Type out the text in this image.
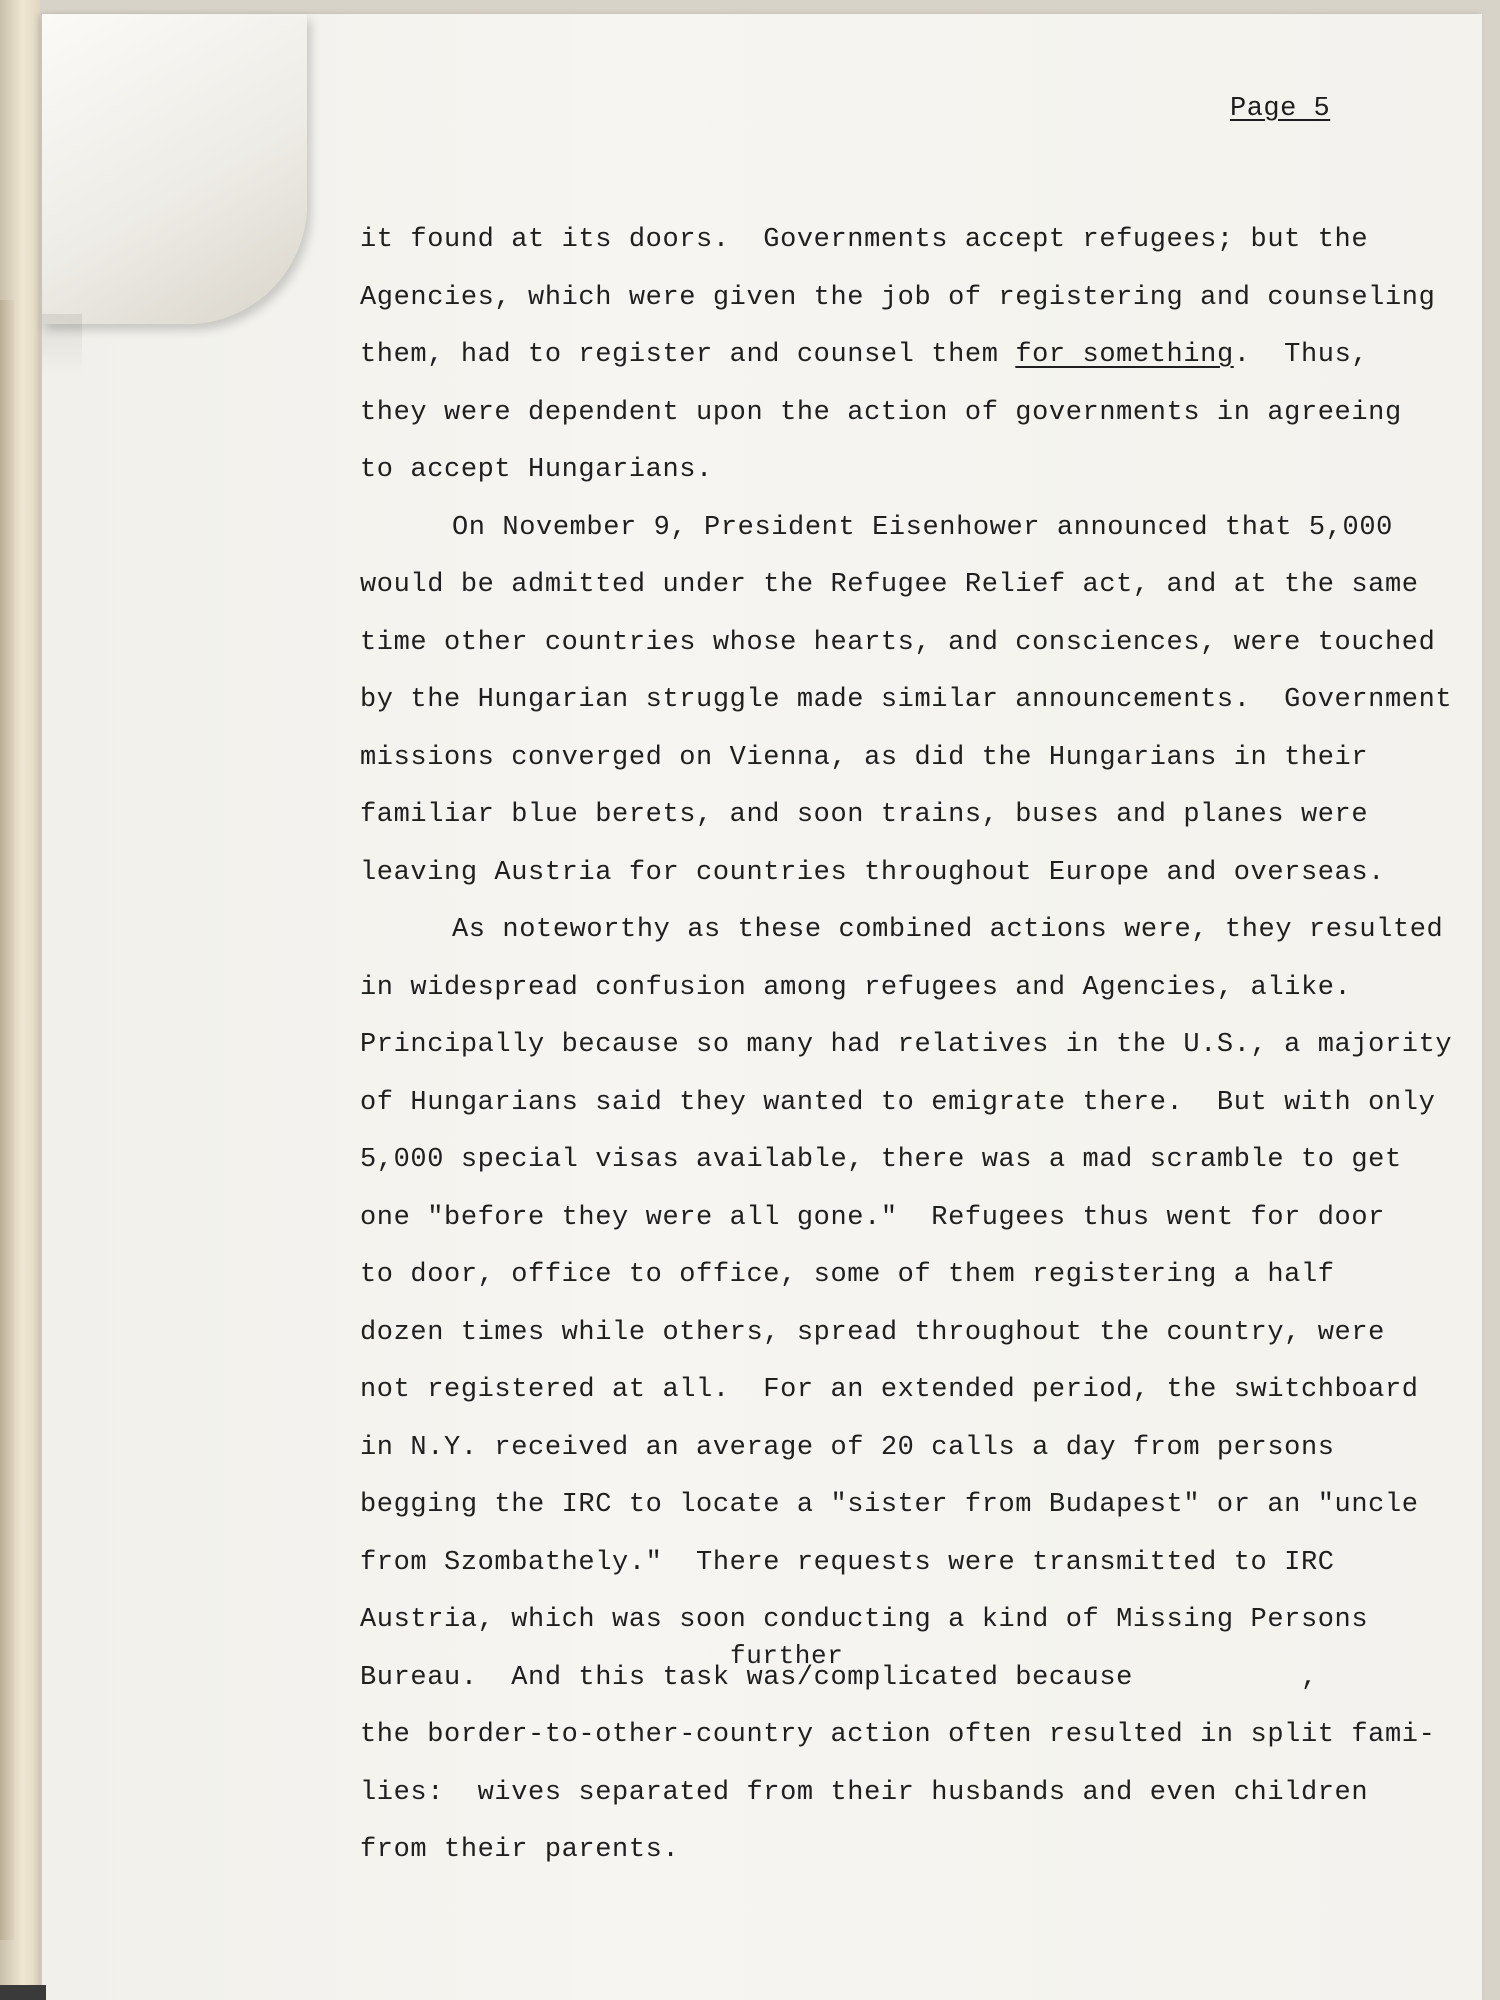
Page 5
it found at its doors.  Governments accept refugees; but the
Agencies, which were given the job of registering and counseling
them, had to register and counsel them for something.  Thus,
they were dependent upon the action of governments in agreeing
to accept Hungarians.
On November 9, President Eisenhower announced that 5,000
would be admitted under the Refugee Relief act, and at the same
time other countries whose hearts, and consciences, were touched
by the Hungarian struggle made similar announcements.  Government
missions converged on Vienna, as did the Hungarians in their
familiar blue berets, and soon trains, buses and planes were
leaving Austria for countries throughout Europe and overseas.
As noteworthy as these combined actions were, they resulted
in widespread confusion among refugees and Agencies, alike.
Principally because so many had relatives in the U.S., a majority
of Hungarians said they wanted to emigrate there.  But with only
5,000 special visas available, there was a mad scramble to get
one "before they were all gone."  Refugees thus went for door
to door, office to office, some of them registering a half
dozen times while others, spread throughout the country, were
not registered at all.  For an extended period, the switchboard
in N.Y. received an average of 20 calls a day from persons
begging the IRC to locate a "sister from Budapest" or an "uncle
from Szombathely."  There requests were transmitted to IRC
Austria, which was soon conducting a kind of Missing Persons
further
Bureau.  And this task was/complicated because          ,
the border-to-other-country action often resulted in split fami-
lies:  wives separated from their husbands and even children
from their parents.
